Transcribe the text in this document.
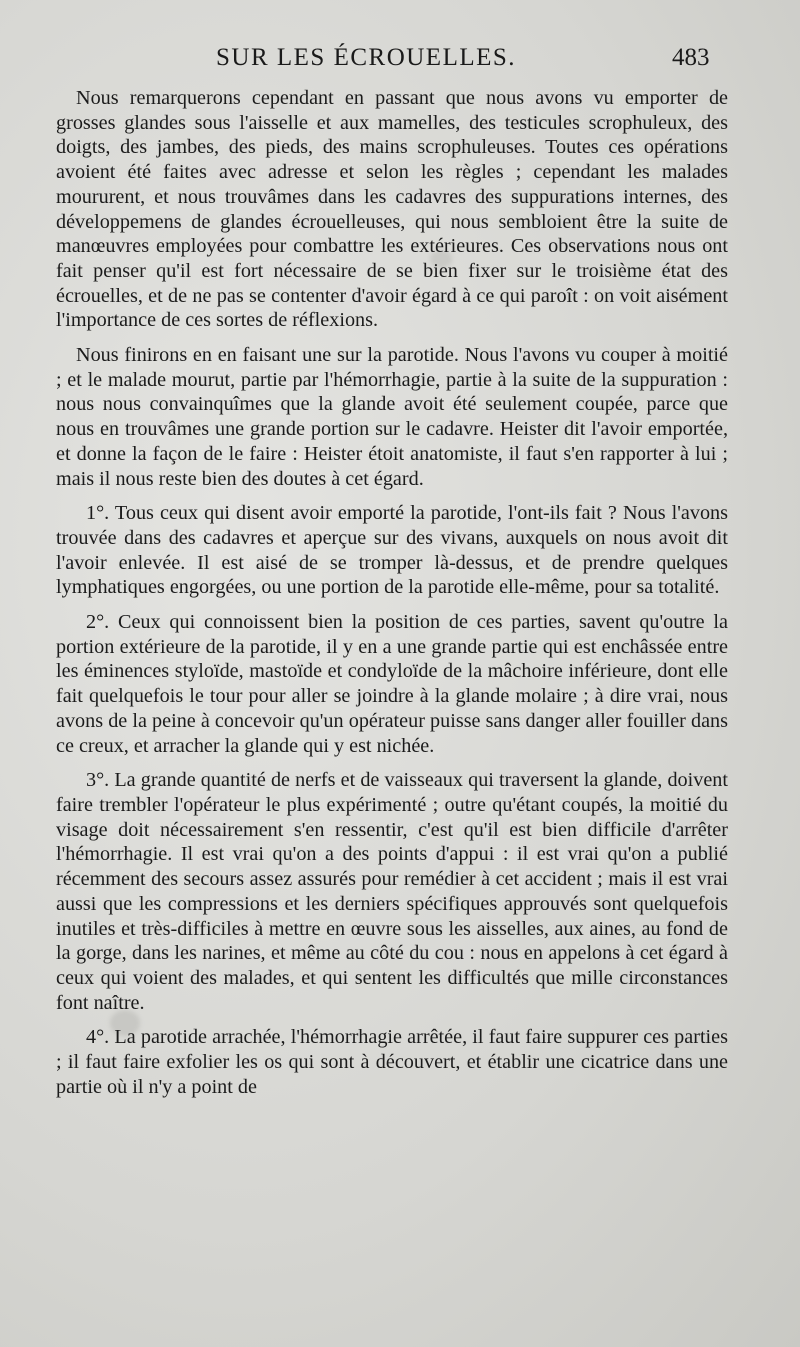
SUR LES ÉCROUELLES.	483

Nous remarquerons cependant en passant que nous avons vu emporter de grosses glandes sous l'aisselle et aux mamelles, des testicules scrophuleux, des doigts, des jambes, des pieds, des mains scrophuleuses. Toutes ces opérations avoient été faites avec adresse et selon les règles ; cependant les malades moururent, et nous trouvâmes dans les cadavres des suppurations internes, des développemens de glandes écrouelleuses, qui nous sembloient être la suite de manœuvres employées pour combattre les extérieures. Ces observations nous ont fait penser qu'il est fort nécessaire de se bien fixer sur le troisième état des écrouelles, et de ne pas se contenter d'avoir égard à ce qui paroît : on voit aisément l'importance de ces sortes de réflexions.

Nous finirons en en faisant une sur la parotide. Nous l'avons vu couper à moitié ; et le malade mourut, partie par l'hémorrhagie, partie à la suite de la suppuration : nous nous convainquîmes que la glande avoit été seulement coupée, parce que nous en trouvâmes une grande portion sur le cadavre. Heister dit l'avoir emportée, et donne la façon de le faire : Heister étoit anatomiste, il faut s'en rapporter à lui ; mais il nous reste bien des doutes à cet égard.

1°. Tous ceux qui disent avoir emporté la parotide, l'ont-ils fait ? Nous l'avons trouvée dans des cadavres et aperçue sur des vivans, auxquels on nous avoit dit l'avoir enlevée. Il est aisé de se tromper là-dessus, et de prendre quelques lymphatiques engorgées, ou une portion de la parotide elle-même, pour sa totalité.

2°. Ceux qui connoissent bien la position de ces parties, savent qu'outre la portion extérieure de la parotide, il y en a une grande partie qui est enchâssée entre les éminences styloïde, mastoïde et condyloïde de la mâchoire inférieure, dont elle fait quelquefois le tour pour aller se joindre à la glande molaire ; à dire vrai, nous avons de la peine à concevoir qu'un opérateur puisse sans danger aller fouiller dans ce creux, et arracher la glande qui y est nichée.

3°. La grande quantité de nerfs et de vaisseaux qui traversent la glande, doivent faire trembler l'opérateur le plus expérimenté ; outre qu'étant coupés, la moitié du visage doit nécessairement s'en ressentir, c'est qu'il est bien difficile d'arrêter l'hémorrhagie. Il est vrai qu'on a des points d'appui : il est vrai qu'on a publié récemment des secours assez assurés pour remédier à cet accident ; mais il est vrai aussi que les compressions et les derniers spécifiques approuvés sont quelquefois inutiles et très-difficiles à mettre en œuvre sous les aisselles, aux aines, au fond de la gorge, dans les narines, et même au côté du cou : nous en appelons à cet égard à ceux qui voient des malades, et qui sentent les difficultés que mille circonstances font naître.

4°. La parotide arrachée, l'hémorrhagie arrêtée, il faut faire suppurer ces parties ; il faut faire exfolier les os qui sont à découvert, et établir une cicatrice dans une partie où il n'y a point de
